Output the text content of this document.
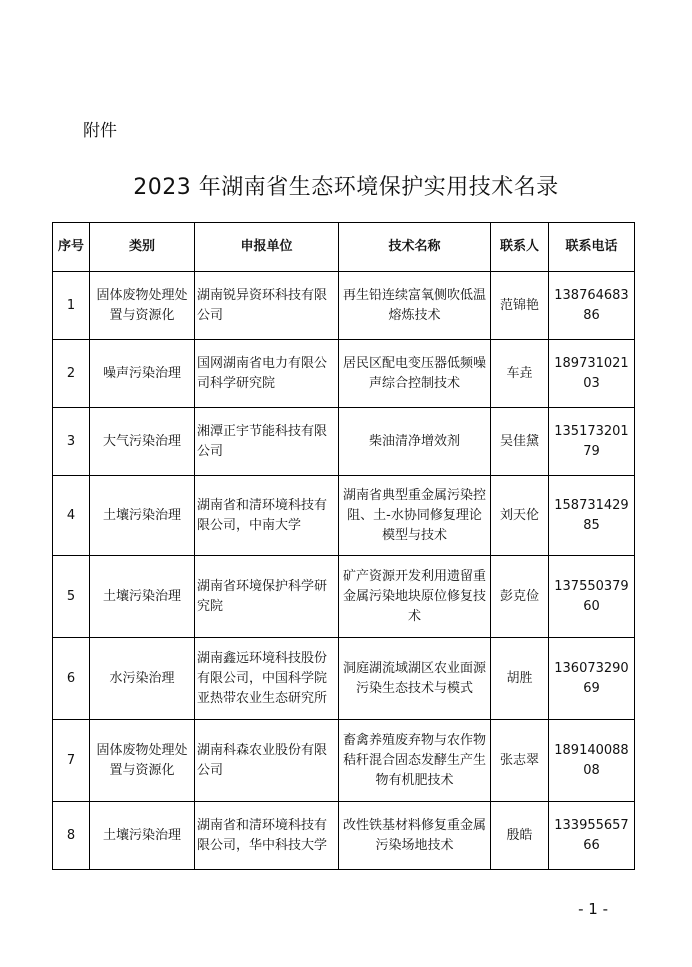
附件
2023 年湖南省生态环境保护实用技术名录
序号	类别	申报单位	技术名称	联系人	联系电话
1	固体废物处理处置与资源化	湖南锐异资环科技有限公司	再生铅连续富氧侧吹低温熔炼技术	范锦艳	13876468386
2	噪声污染治理	国网湖南省电力有限公司科学研究院	居民区配电变压器低频噪声综合控制技术	车垚	18973102103
3	大气污染治理	湘潭正宇节能科技有限公司	柴油清净增效剂	吴佳黛	13517320179
4	土壤污染治理	湖南省和清环境科技有限公司，中南大学	湖南省典型重金属污染控阻、土-水协同修复理论模型与技术	刘天伦	15873142985
5	土壤污染治理	湖南省环境保护科学研究院	矿产资源开发利用遗留重金属污染地块原位修复技术	彭克俭	13755037960
6	水污染治理	湖南鑫远环境科技股份有限公司，中国科学院亚热带农业生态研究所	洞庭湖流域湖区农业面源污染生态技术与模式	胡胜	13607329069
7	固体废物处理处置与资源化	湖南科森农业股份有限公司	畜禽养殖废弃物与农作物秸秆混合固态发酵生产生物有机肥技术	张志翠	18914008808
8	土壤污染治理	湖南省和清环境科技有限公司，华中科技大学	改性铁基材料修复重金属污染场地技术	殷皓	13395565766
- 1 -
